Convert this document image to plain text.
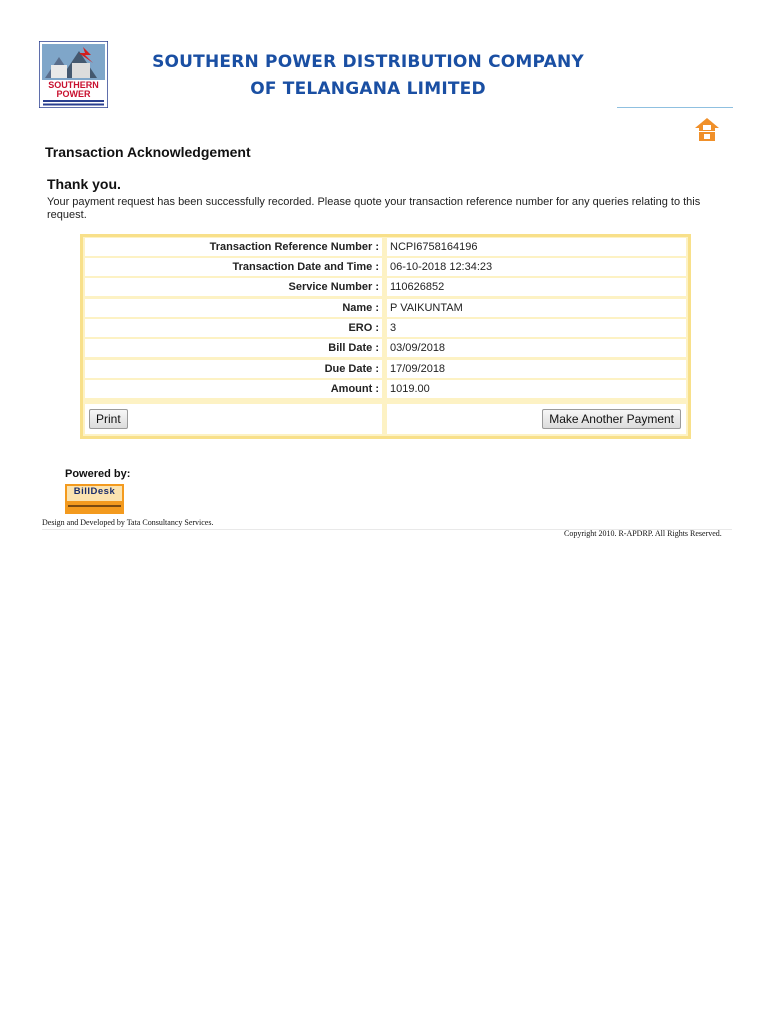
SOUTHERN
POWER
SOUTHERN POWER DISTRIBUTION COMPANY
OF TELANGANA LIMITED
Transaction Acknowledgement
Thank you.
Your payment request has been successfully recorded. Please quote your transaction reference number for any queries relating to this request.
Transaction Reference Number : NCPI6758164196
Transaction Date and Time : 06-10-2018 12:34:23
Service Number : 110626852
Name : P VAIKUNTAM
ERO : 3
Bill Date : 03/09/2018
Due Date : 17/09/2018
Amount : 1019.00
Print	Make Another Payment
Powered by:
BillDesk
Design and Developed by Tata Consultancy Services.
Copyright 2010. R-APDRP. All Rights Reserved.
